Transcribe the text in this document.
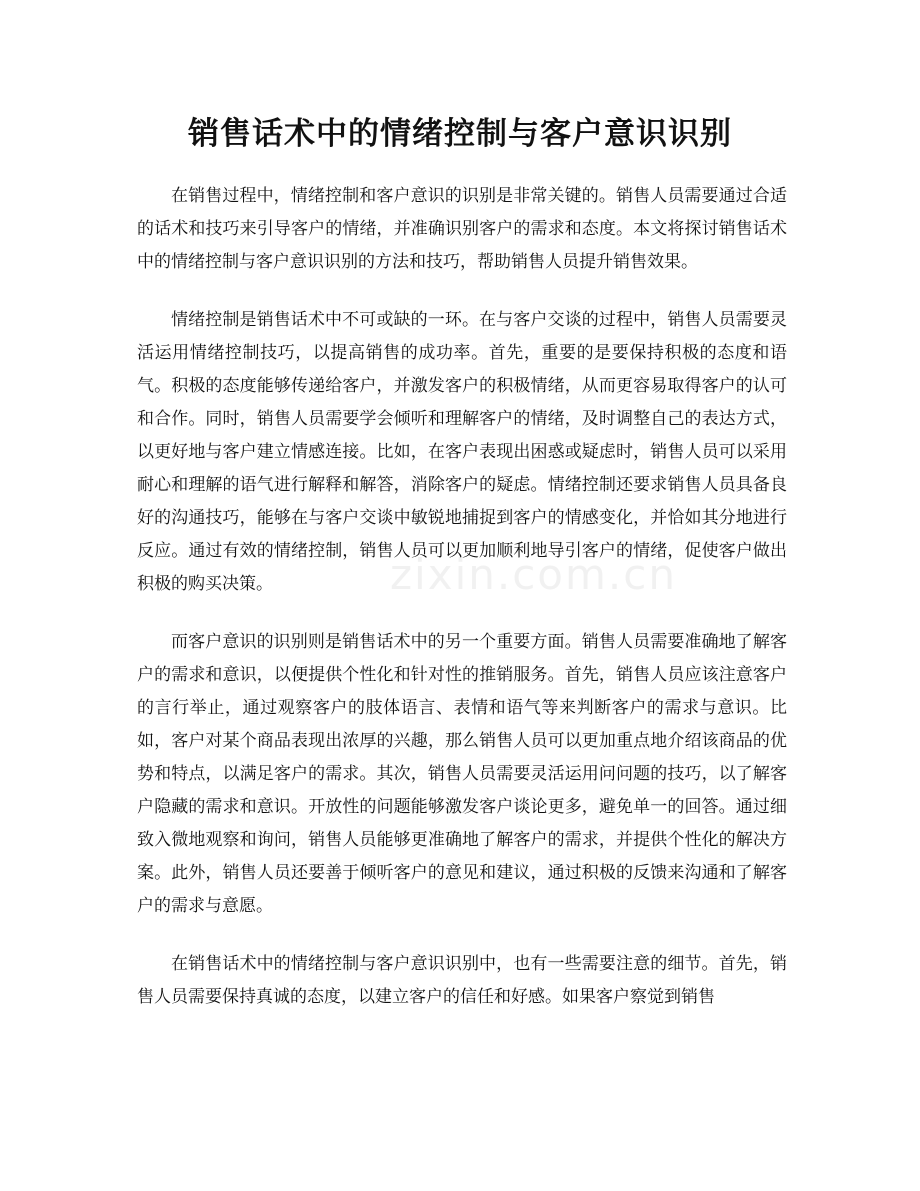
销售话术中的情绪控制与客户意识识别

在销售过程中，情绪控制和客户意识的识别是非常关键的。销售人员需要通过合适的话术和技巧来引导客户的情绪，并准确识别客户的需求和态度。本文将探讨销售话术中的情绪控制与客户意识识别的方法和技巧，帮助销售人员提升销售效果。

情绪控制是销售话术中不可或缺的一环。在与客户交谈的过程中，销售人员需要灵活运用情绪控制技巧，以提高销售的成功率。首先，重要的是要保持积极的态度和语气。积极的态度能够传递给客户，并激发客户的积极情绪，从而更容易取得客户的认可和合作。同时，销售人员需要学会倾听和理解客户的情绪，及时调整自己的表达方式，以更好地与客户建立情感连接。比如，在客户表现出困惑或疑虑时，销售人员可以采用耐心和理解的语气进行解释和解答，消除客户的疑虑。情绪控制还要求销售人员具备良好的沟通技巧，能够在与客户交谈中敏锐地捕捉到客户的情感变化，并恰如其分地进行反应。通过有效的情绪控制，销售人员可以更加顺利地导引客户的情绪，促使客户做出积极的购买决策。

而客户意识的识别则是销售话术中的另一个重要方面。销售人员需要准确地了解客户的需求和意识，以便提供个性化和针对性的推销服务。首先，销售人员应该注意客户的言行举止，通过观察客户的肢体语言、表情和语气等来判断客户的需求与意识。比如，客户对某个商品表现出浓厚的兴趣，那么销售人员可以更加重点地介绍该商品的优势和特点，以满足客户的需求。其次，销售人员需要灵活运用问问题的技巧，以了解客户隐藏的需求和意识。开放性的问题能够激发客户谈论更多，避免单一的回答。通过细致入微地观察和询问，销售人员能够更准确地了解客户的需求，并提供个性化的解决方案。此外，销售人员还要善于倾听客户的意见和建议，通过积极的反馈来沟通和了解客户的需求与意愿。

在销售话术中的情绪控制与客户意识识别中，也有一些需要注意的细节。首先，销售人员需要保持真诚的态度，以建立客户的信任和好感。如果客户察觉到销售

zixin.com.cn
